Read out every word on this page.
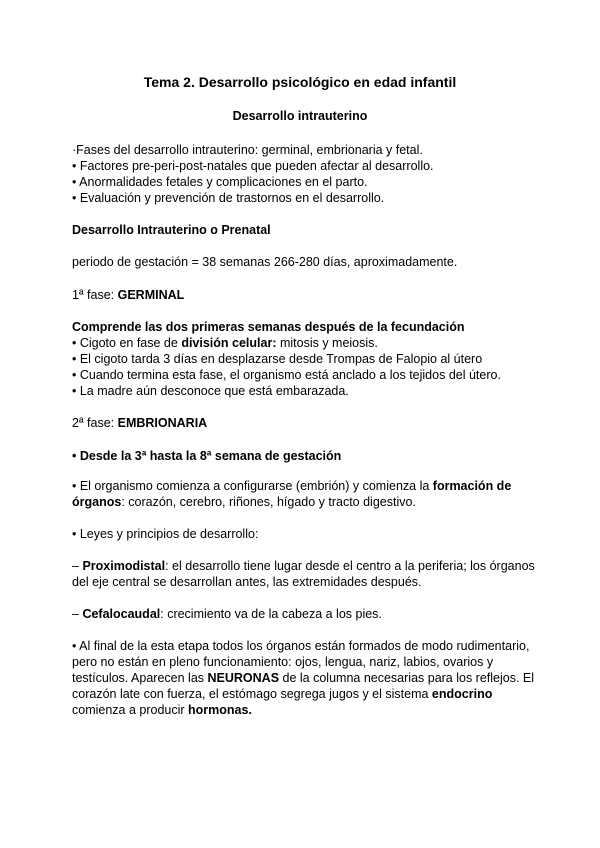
Tema 2. Desarrollo psicológico en edad infantil
Desarrollo intrauterino
·Fases del desarrollo intrauterino: germinal, embrionaria y fetal.
• Factores pre-peri-post-natales que pueden afectar al desarrollo.
• Anormalidades fetales y complicaciones en el parto.
• Evaluación y prevención de trastornos en el desarrollo.
Desarrollo Intrauterino o Prenatal
periodo de gestación = 38 semanas 266-280 días, aproximadamente.
1ª fase: GERMINAL
Comprende las dos primeras semanas después de la fecundación
• Cigoto en fase de división celular: mitosis y meiosis.
• El cigoto tarda 3 días en desplazarse desde Trompas de Falopio al útero
• Cuando termina esta fase, el organismo está anclado a los tejidos del útero.
• La madre aún desconoce que está embarazada.
2ª fase: EMBRIONARIA
• Desde la 3ª hasta la 8ª semana de gestación
• El organismo comienza a configurarse (embrión) y comienza la formación de
órganos: corazón, cerebro, riñones, hígado y tracto digestivo.
• Leyes y principios de desarrollo:
– Proximodistal: el desarrollo tiene lugar desde el centro a la periferia; los órganos
del eje central se desarrollan antes, las extremidades después.
– Cefalocaudal: crecimiento va de la cabeza a los pies.
• Al final de la esta etapa todos los órganos están formados de modo rudimentario,
pero no están en pleno funcionamiento: ojos, lengua, nariz, labios, ovarios y
testículos. Aparecen las NEURONAS de la columna necesarias para los reflejos. El
corazón late con fuerza, el estómago segrega jugos y el sistema endocrino
comienza a producir hormonas.
